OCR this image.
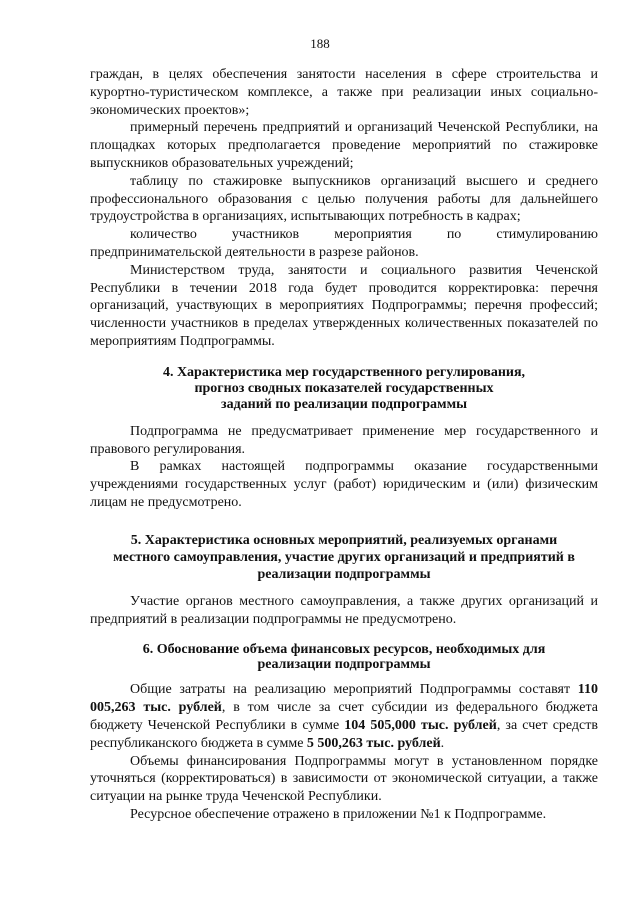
188

граждан, в целях обеспечения занятости населения в сфере строительства и курортно-туристическом комплексе, а также при реализации иных социально-экономических проектов»;

примерный перечень предприятий и организаций Чеченской Республики, на площадках которых предполагается проведение мероприятий по стажировке выпускников образовательных учреждений;

таблицу по стажировке выпускников организаций высшего и среднего профессионального образования с целью получения работы для дальнейшего трудоустройства в организациях, испытывающих потребность в кадрах;

количество участников мероприятия по стимулированию предпринимательской деятельности в разрезе районов.

Министерством труда, занятости и социального развития Чеченской Республики в течении 2018 года будет проводится корректировка: перечня организаций, участвующих в мероприятиях Подпрограммы; перечня профессий; численности участников в пределах утвержденных количественных показателей по мероприятиям Подпрограммы.

4. Характеристика мер государственного регулирования,
прогноз сводных показателей государственных
заданий по реализации подпрограммы

Подпрограмма не предусматривает применение мер государственного и правового регулирования.

В рамках настоящей подпрограммы оказание государственными учреждениями государственных услуг (работ) юридическим и (или) физическим лицам не предусмотрено.

5. Характеристика основных мероприятий, реализуемых органами
местного самоуправления, участие других организаций и предприятий в
реализации подпрограммы

Участие органов местного самоуправления, а также других организаций и предприятий в реализации подпрограммы не предусмотрено.

6. Обоснование объема финансовых ресурсов, необходимых для
реализации подпрограммы

Общие затраты на реализацию мероприятий Подпрограммы составят 110 005,263 тыс. рублей, в том числе за счет субсидии из федерального бюджета бюджету Чеченской Республики в сумме 104 505,000 тыс. рублей, за счет средств республиканского бюджета в сумме 5 500,263 тыс. рублей.

Объемы финансирования Подпрограммы могут в установленном порядке уточняться (корректироваться) в зависимости от экономической ситуации, а также ситуации на рынке труда Чеченской Республики.

Ресурсное обеспечение отражено в приложении №1 к Подпрограмме.
